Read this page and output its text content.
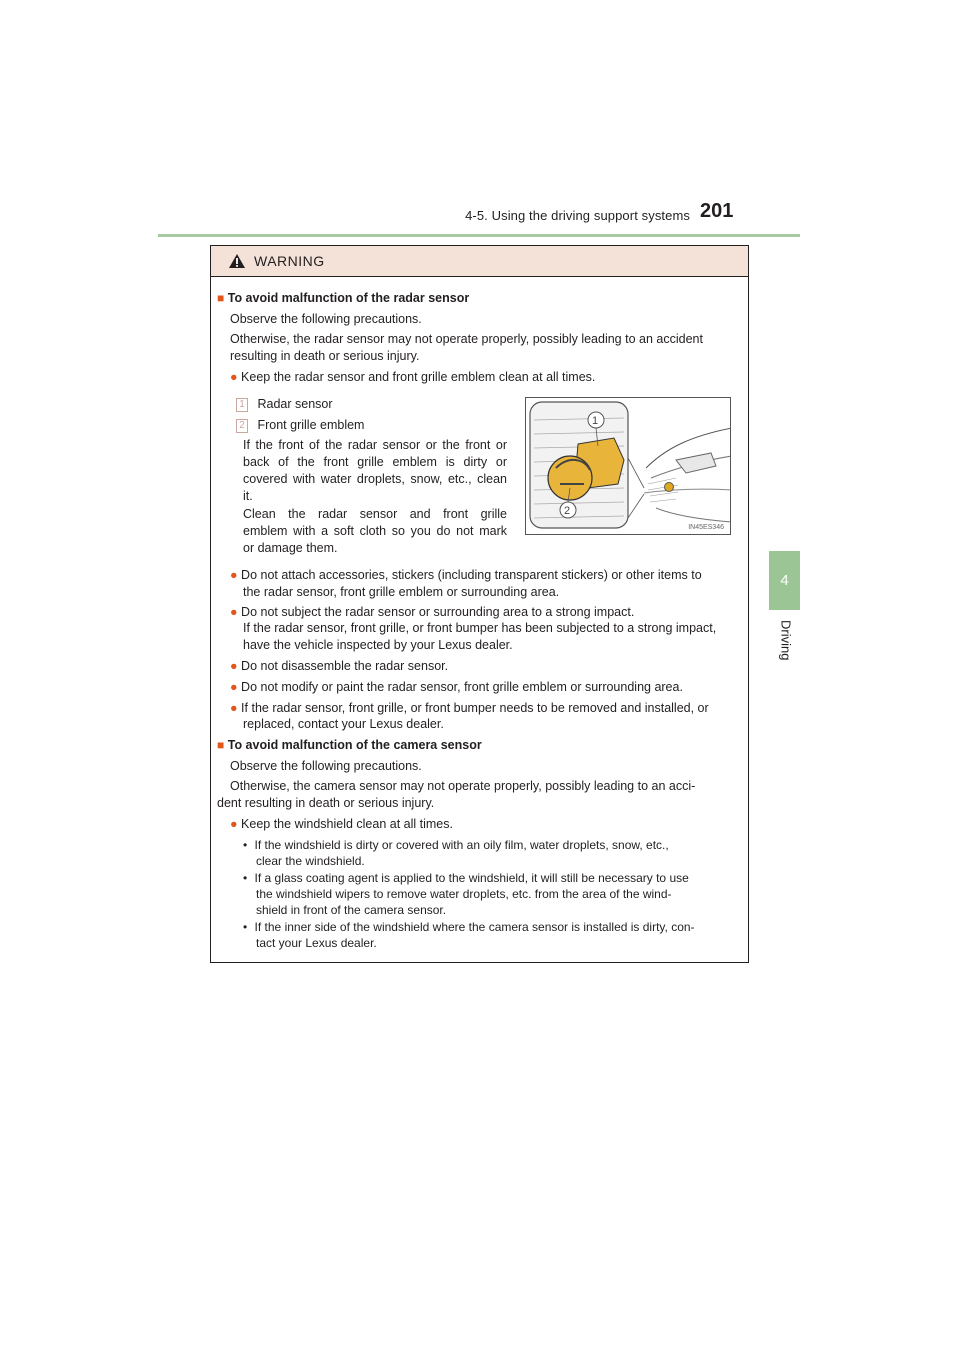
4-5. Using the driving support systems 201
4
Driving
WARNING
■ To avoid malfunction of the radar sensor
Observe the following precautions.
Otherwise, the radar sensor may not operate properly, possibly leading to an accident
resulting in death or serious injury.
● Keep the radar sensor and front grille emblem clean at all times.
1 Radar sensor
2 Front grille emblem
If the front of the radar sensor or the front or
back of the front grille emblem is dirty or
covered with water droplets, snow, etc., clean
it.
Clean the radar sensor and front grille
emblem with a soft cloth so you do not mark
or damage them.
1
2
IN45ES346
● Do not attach accessories, stickers (including transparent stickers) or other items to
the radar sensor, front grille emblem or surrounding area.
● Do not subject the radar sensor or surrounding area to a strong impact.
If the radar sensor, front grille, or front bumper has been subjected to a strong impact,
have the vehicle inspected by your Lexus dealer.
● Do not disassemble the radar sensor.
● Do not modify or paint the radar sensor, front grille emblem or surrounding area.
● If the radar sensor, front grille, or front bumper needs to be removed and installed, or
replaced, contact your Lexus dealer.
■ To avoid malfunction of the camera sensor
Observe the following precautions.
Otherwise, the camera sensor may not operate properly, possibly leading to an acci-
dent resulting in death or serious injury.
● Keep the windshield clean at all times.
• If the windshield is dirty or covered with an oily film, water droplets, snow, etc.,
clear the windshield.
• If a glass coating agent is applied to the windshield, it will still be necessary to use
the windshield wipers to remove water droplets, etc. from the area of the wind-
shield in front of the camera sensor.
• If the inner side of the windshield where the camera sensor is installed is dirty, con-
tact your Lexus dealer.
